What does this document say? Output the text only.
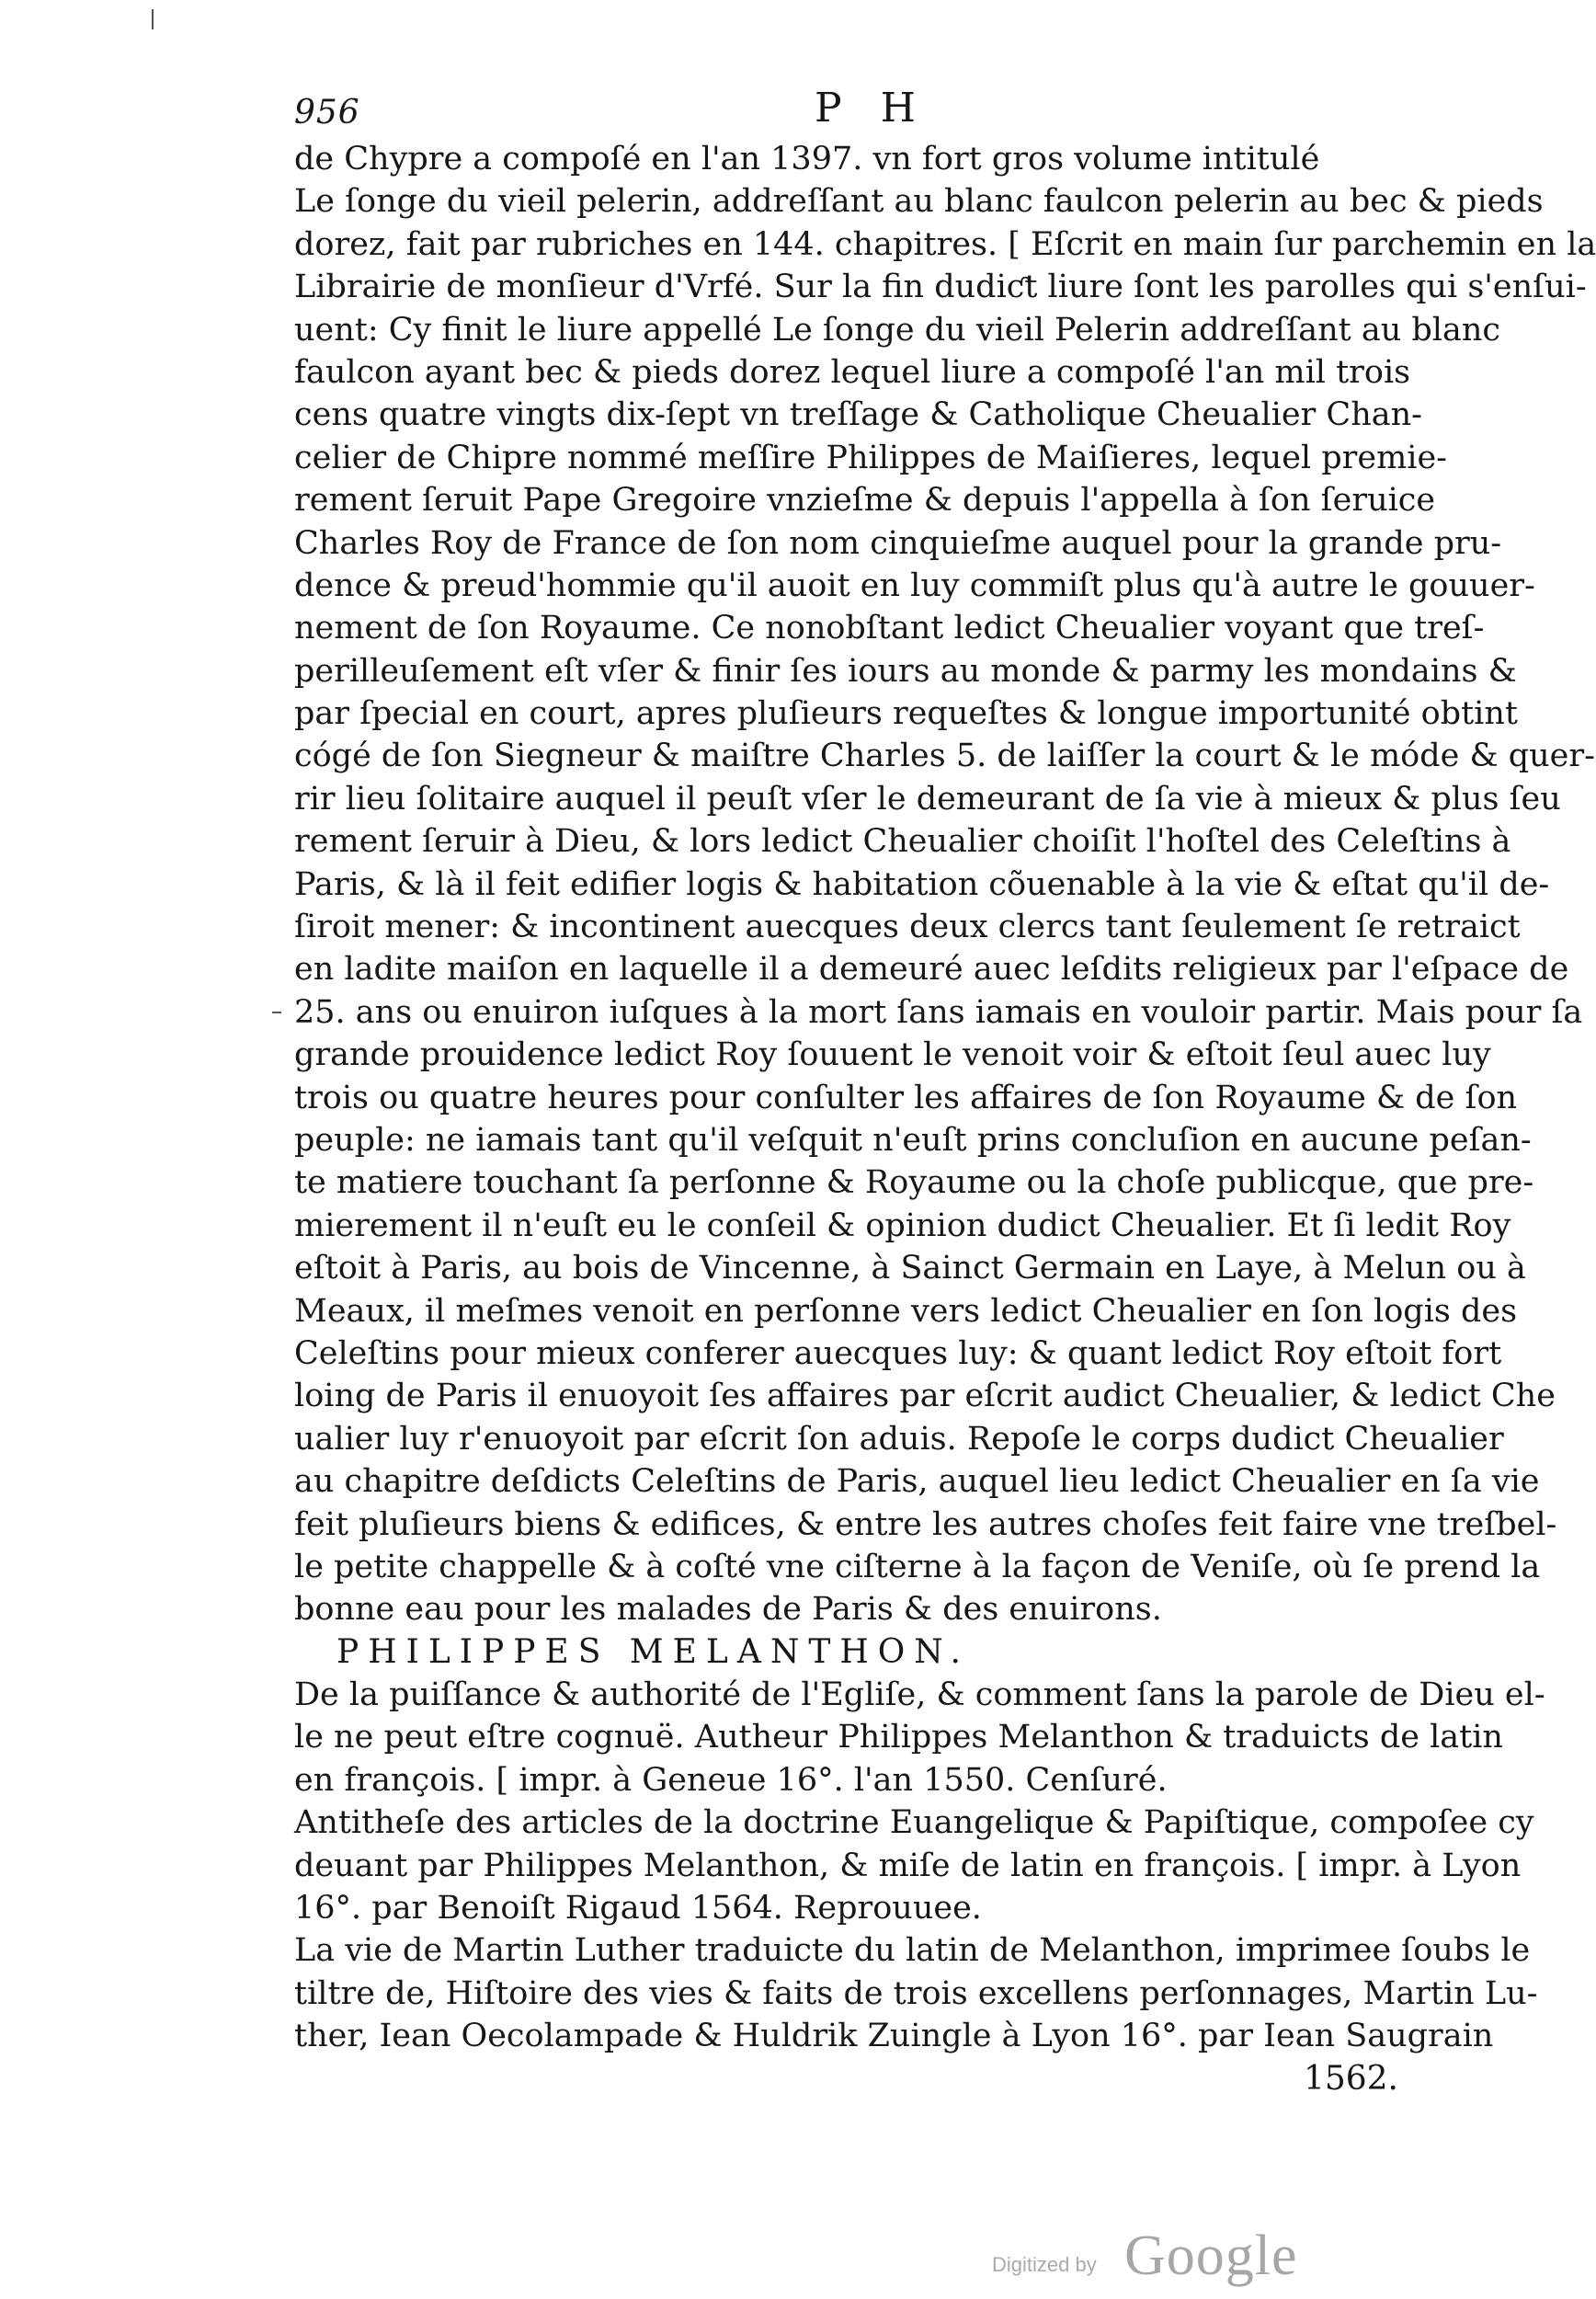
956	P H
de Chypre a compoſé en l'an 1397. vn fort gros volume intitulé
Le ſonge du vieil pelerin, addreſſant au blanc faulcon pelerin au bec & pieds
dorez, fait par rubriches en 144. chapitres. [ Eſcrit en main ſur parchemin en la
Librairie de monſieur d'Vrfé. Sur la fin dudiƈt liure ſont les parolles qui s'enſui-
uent: Cy finit le liure appellé Le ſonge du vieil Pelerin addreſſant au blanc
faulcon ayant bec & pieds dorez lequel liure a compoſé l'an mil trois
cens quatre vingts dix-ſept vn treſſage & Catholique Cheualier Chan-
celier de Chipre nommé meſſire Philippes de Maiſieres, lequel premie-
rement ſeruit Pape Gregoire vnzieſme & depuis l'appella à ſon ſeruice
Charles Roy de France de ſon nom cinquieſme auquel pour la grande pru-
dence & preud'hommie qu'il auoit en luy commiſt plus qu'à autre le gouuer-
nement de ſon Royaume. Ce nonobſtant ledict Cheualier voyant que treſ-
perilleuſement eſt vſer & finir ſes iours au monde & parmy les mondains &
par ſpecial en court, apres pluſieurs requeſtes & longue importunité obtint
cógé de ſon Siegneur & maiſtre Charles 5. de laiſſer la court & le móde & quer-
rir lieu ſolitaire auquel il peuſt vſer le demeurant de ſa vie à mieux & plus ſeu
rement ſeruir à Dieu, & lors ledict Cheualier choiſit l'hoſtel des Celeſtins à
Paris, & là il feit edifier logis & habitation cõuenable à la vie & eſtat qu'il de-
ſiroit mener: & incontinent auecques deux clercs tant ſeulement ſe retraict
en ladite maiſon en laquelle il a demeuré auec leſdits religieux par l'eſpace de
25. ans ou enuiron iuſques à la mort ſans iamais en vouloir partir. Mais pour ſa
grande prouidence ledict Roy ſouuent le venoit voir & eſtoit ſeul auec luy
trois ou quatre heures pour conſulter les affaires de ſon Royaume & de ſon
peuple: ne iamais tant qu'il veſquit n'euſt prins concluſion en aucune peſan-
te matiere touchant ſa perſonne & Royaume ou la choſe publicque, que pre-
mierement il n'euſt eu le conſeil & opinion dudict Cheualier. Et ſi ledit Roy
eſtoit à Paris, au bois de Vincenne, à Sainct Germain en Laye, à Melun ou à
Meaux, il meſmes venoit en perſonne vers ledict Cheualier en ſon logis des
Celeſtins pour mieux conferer auecques luy: & quant ledict Roy eſtoit fort
loing de Paris il enuoyoit ſes affaires par eſcrit audict Cheualier, & ledict Che
ualier luy r'enuoyoit par eſcrit ſon aduis. Repoſe le corps dudict Cheualier
au chapitre deſdicts Celeſtins de Paris, auquel lieu ledict Cheualier en ſa vie
feit pluſieurs biens & edifices, & entre les autres choſes feit faire vne treſbel-
le petite chappelle & à coſté vne ciſterne à la façon de Veniſe, où ſe prend la
bonne eau pour les malades de Paris & des enuirons.
PHILIPPES MELANTHON.
De la puiſſance & authorité de l'Egliſe, & comment ſans la parole de Dieu el-
le ne peut eſtre cognuë. Autheur Philippes Melanthon & traduicts de latin
en françois. [ impr. à Geneue 16°. l'an 1550. Cenſuré.
Antitheſe des articles de la doctrine Euangelique & Papiſtique, compoſee cy
deuant par Philippes Melanthon, & miſe de latin en françois. [ impr. à Lyon
16°. par Benoiſt Rigaud 1564. Reprouuee.
La vie de Martin Luther traduicte du latin de Melanthon, imprimee ſoubs le
tiltre de, Hiſtoire des vies & faits de trois excellens perſonnages, Martin Lu-
ther, Iean Oecolampade & Huldrik Zuingle à Lyon 16°. par Iean Saugrain
1562.
Digitized by Google
